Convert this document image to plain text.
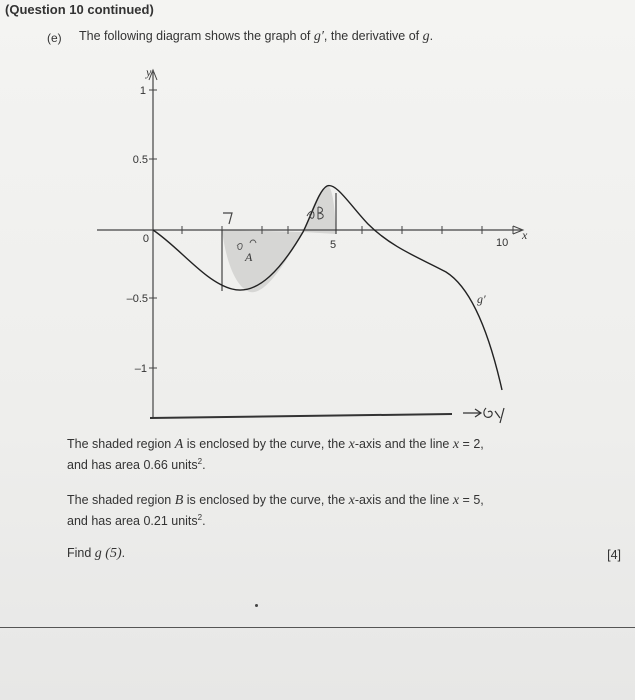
(Question 10 continued)
(e) The following diagram shows the graph of g′, the derivative of g.
y
x
1
0.5
0
–0.5
–1
5	10
A
g′
The shaded region A is enclosed by the curve, the x-axis and the line x = 2,
and has area 0.66 units$^2$.
The shaded region B is enclosed by the curve, the x-axis and the line x = 5,
and has area 0.21 units$^2$.
Find g (5).	[4]
